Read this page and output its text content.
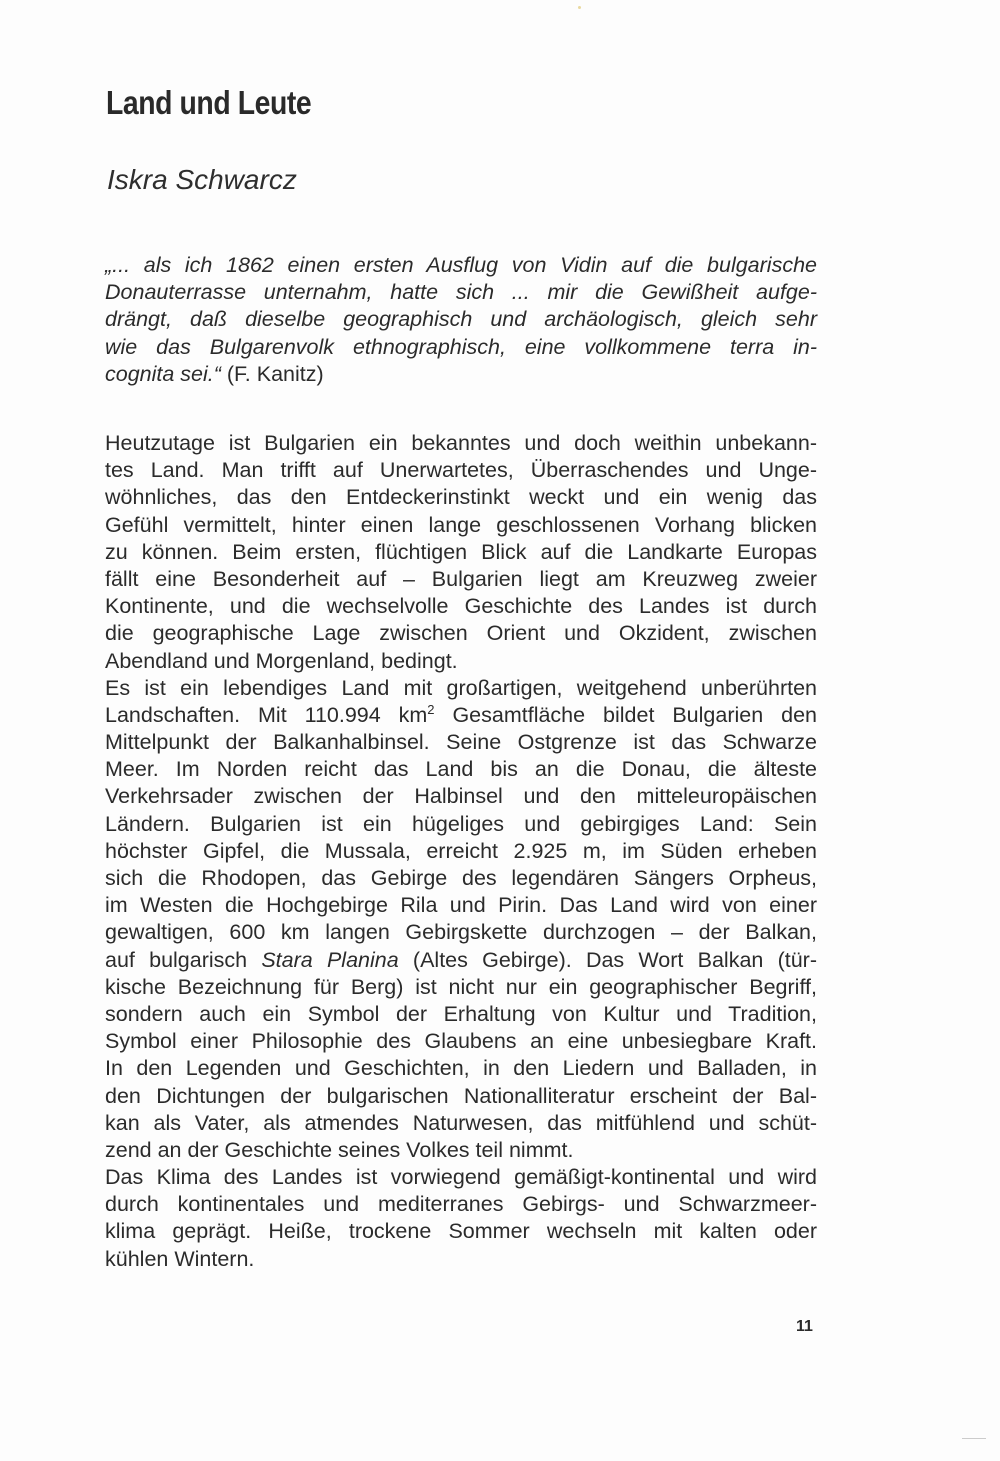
Land und Leute

Iskra Schwarcz

„... als ich 1862 einen ersten Ausflug von Vidin auf die bulgarische
Donauterrasse unternahm, hatte sich ... mir die Gewißheit aufge-
drängt, daß dieselbe geographisch und archäologisch, gleich sehr
wie das Bulgarenvolk ethnographisch, eine vollkommene terra in-
cognita sei.“ (F. Kanitz)
Heutzutage ist Bulgarien ein bekanntes und doch weithin unbekann-
tes Land. Man trifft auf Unerwartetes, Überraschendes und Unge-
wöhnliches, das den Entdeckerinstinkt weckt und ein wenig das
Gefühl vermittelt, hinter einen lange geschlossenen Vorhang blicken
zu können. Beim ersten, flüchtigen Blick auf die Landkarte Europas
fällt eine Besonderheit auf – Bulgarien liegt am Kreuzweg zweier
Kontinente, und die wechselvolle Geschichte des Landes ist durch
die geographische Lage zwischen Orient und Okzident, zwischen
Abendland und Morgenland, bedingt.
Es ist ein lebendiges Land mit großartigen, weitgehend unberührten
Landschaften. Mit 110.994 $km^2$ Gesamtfläche bildet Bulgarien den
Mittelpunkt der Balkanhalbinsel. Seine Ostgrenze ist das Schwarze
Meer. Im Norden reicht das Land bis an die Donau, die älteste
Verkehrsader zwischen der Halbinsel und den mitteleuropäischen
Ländern. Bulgarien ist ein hügeliges und gebirgiges Land: Sein
höchster Gipfel, die Mussala, erreicht 2.925 m, im Süden erheben
sich die Rhodopen, das Gebirge des legendären Sängers Orpheus,
im Westen die Hochgebirge Rila und Pirin. Das Land wird von einer
gewaltigen, 600 km langen Gebirgskette durchzogen – der Balkan,
auf bulgarisch Stara Planina (Altes Gebirge). Das Wort Balkan (tür-
kische Bezeichnung für Berg) ist nicht nur ein geographischer Begriff,
sondern auch ein Symbol der Erhaltung von Kultur und Tradition,
Symbol einer Philosophie des Glaubens an eine unbesiegbare Kraft.
In den Legenden und Geschichten, in den Liedern und Balladen, in
den Dichtungen der bulgarischen Nationalliteratur erscheint der Bal-
kan als Vater, als atmendes Naturwesen, das mitfühlend und schüt-
zend an der Geschichte seines Volkes teil nimmt.
Das Klima des Landes ist vorwiegend gemäßigt-kontinental und wird
durch kontinentales und mediterranes Gebirgs- und Schwarzmeer-
klima geprägt. Heiße, trockene Sommer wechseln mit kalten oder
kühlen Wintern.
11
